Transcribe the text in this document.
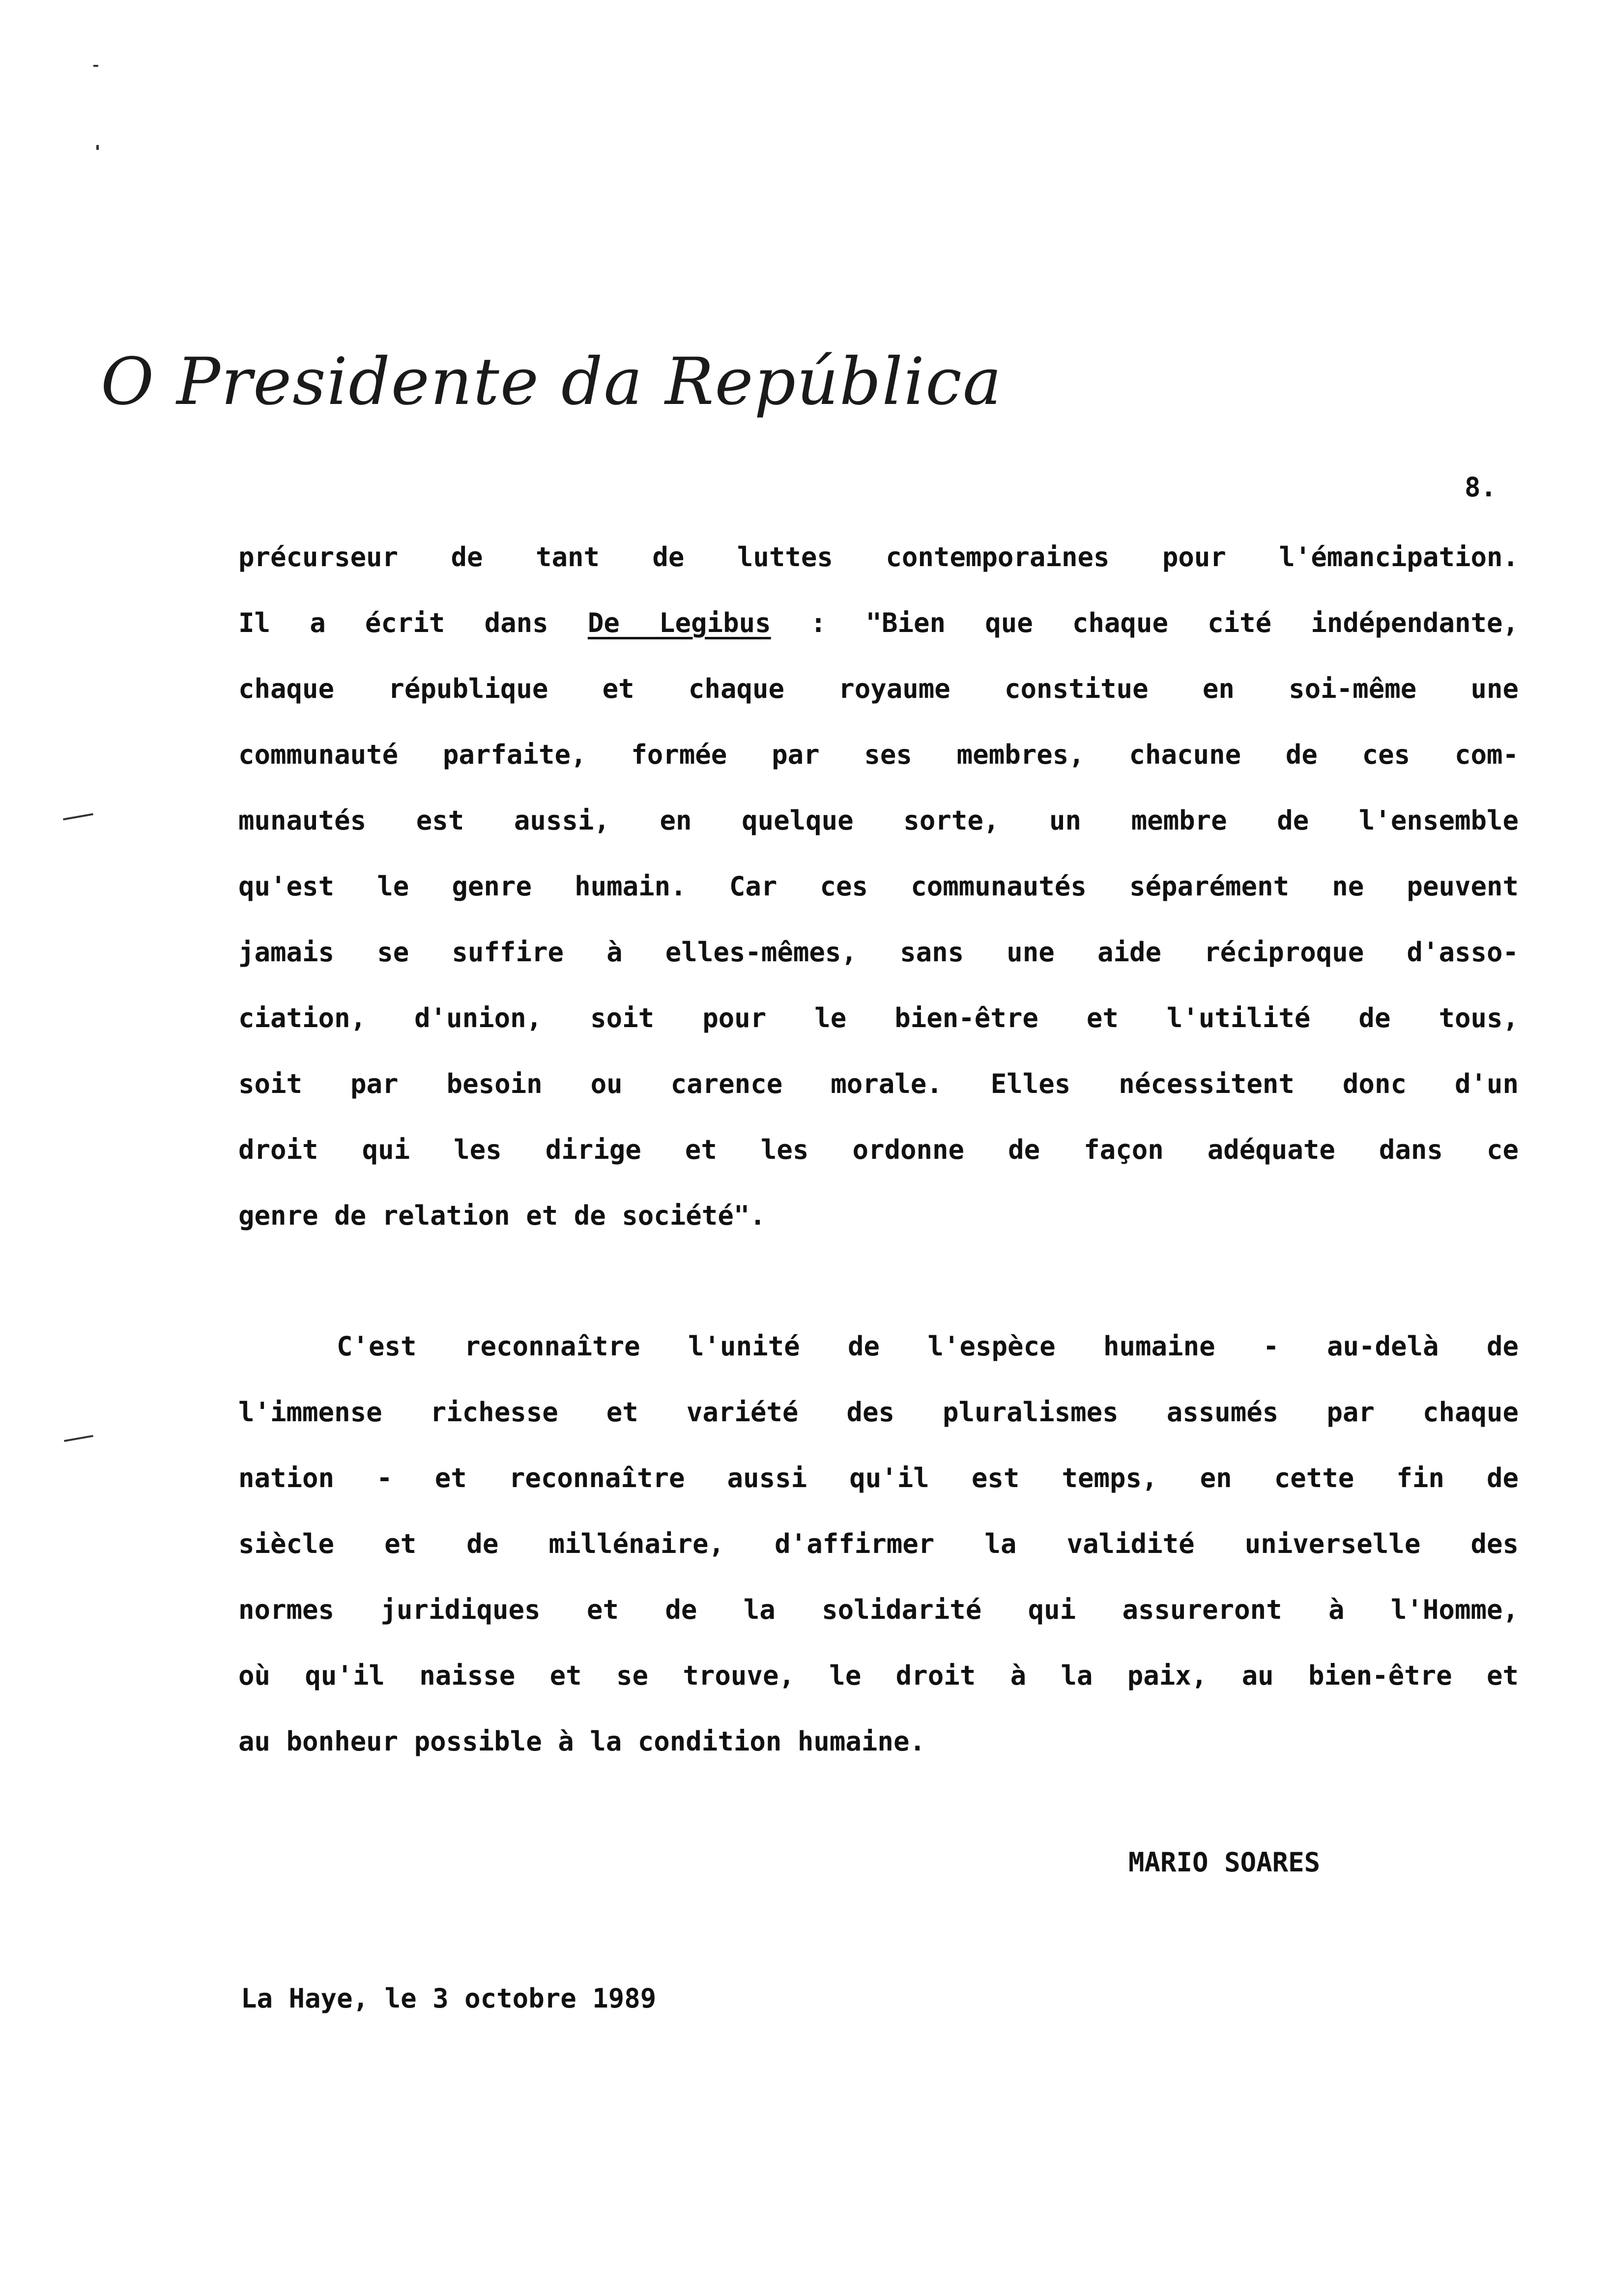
O Presidente da República
8.
précurseur de tant de luttes contemporaines pour l'émancipation.
Il a écrit dans De Legibus : "Bien que chaque cité indépendante,
chaque république et chaque royaume constitue en soi-même une
communauté parfaite, formée par ses membres, chacune de ces com-
munautés est aussi, en quelque sorte, un membre de l'ensemble
qu'est le genre humain. Car ces communautés séparément ne peuvent
jamais se suffire à elles-mêmes, sans une aide réciproque d'asso-
ciation, d'union, soit pour le bien-être et l'utilité de tous,
soit par besoin ou carence morale. Elles nécessitent donc d'un
droit qui les dirige et les ordonne de façon adéquate dans ce
genre de relation et de société".
C'est reconnaître l'unité de l'espèce humaine - au-delà de
l'immense richesse et variété des pluralismes assumés par chaque
nation - et reconnaître aussi qu'il est temps, en cette fin de
siècle et de millénaire, d'affirmer la validité universelle des
normes juridiques et de la solidarité qui assureront à l'Homme,
où qu'il naisse et se trouve, le droit à la paix, au bien-être et
au bonheur possible à la condition humaine.
MARIO SOARES
La Haye, le 3 octobre 1989
